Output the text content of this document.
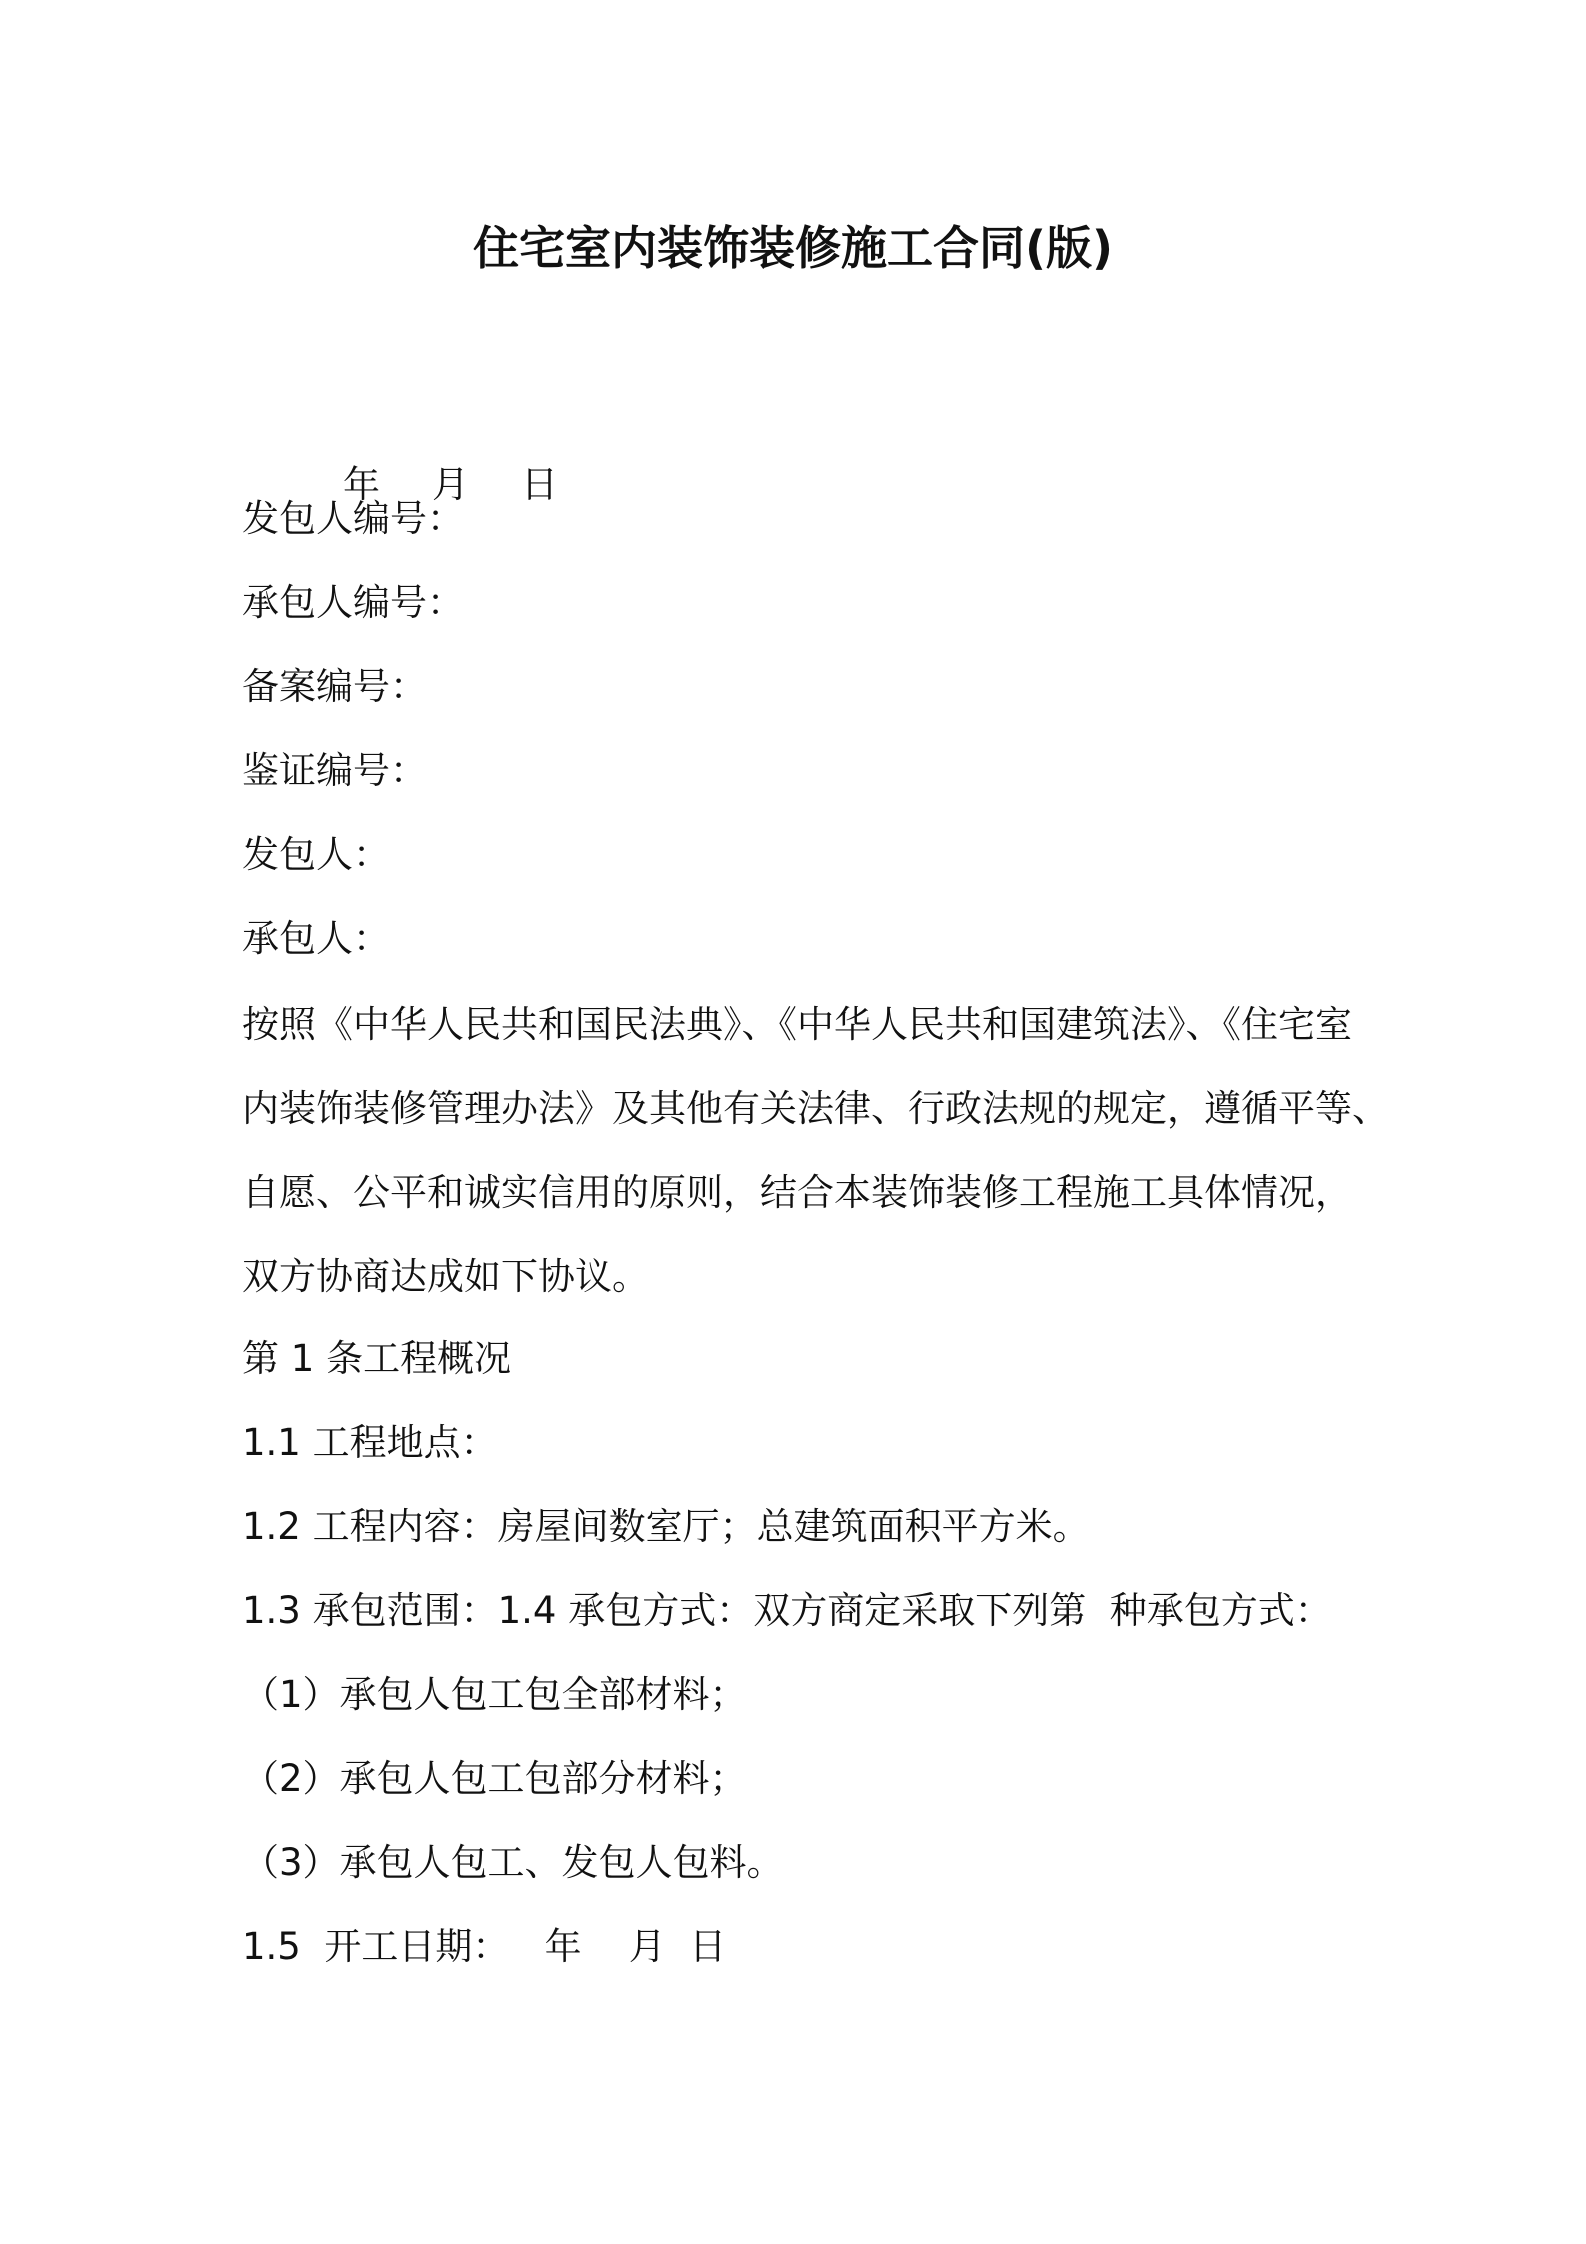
住宅室内装饰装修施工合同(版)

年 月 日

发包人编号：
承包人编号：
备案编号：
鉴证编号：
发包人：
承包人：
按照《中华人民共和国民法典》、《中华人民共和国建筑法》、《住宅室
内装饰装修管理办法》及其他有关法律、行政法规的规定，遵循平等、
自愿、公平和诚实信用的原则，结合本装饰装修工程施工具体情况，
双方协商达成如下协议。
第 1 条工程概况
1.1 工程地点：
1.2 工程内容：房屋间数室厅；总建筑面积平方米。
1.3 承包范围：1.4 承包方式：双方商定采取下列第  种承包方式：
（1）承包人包工包全部材料；
（2）承包人包工包部分材料；
（3）承包人包工、发包人包料。
1.5  开工日期：   年    月  日
